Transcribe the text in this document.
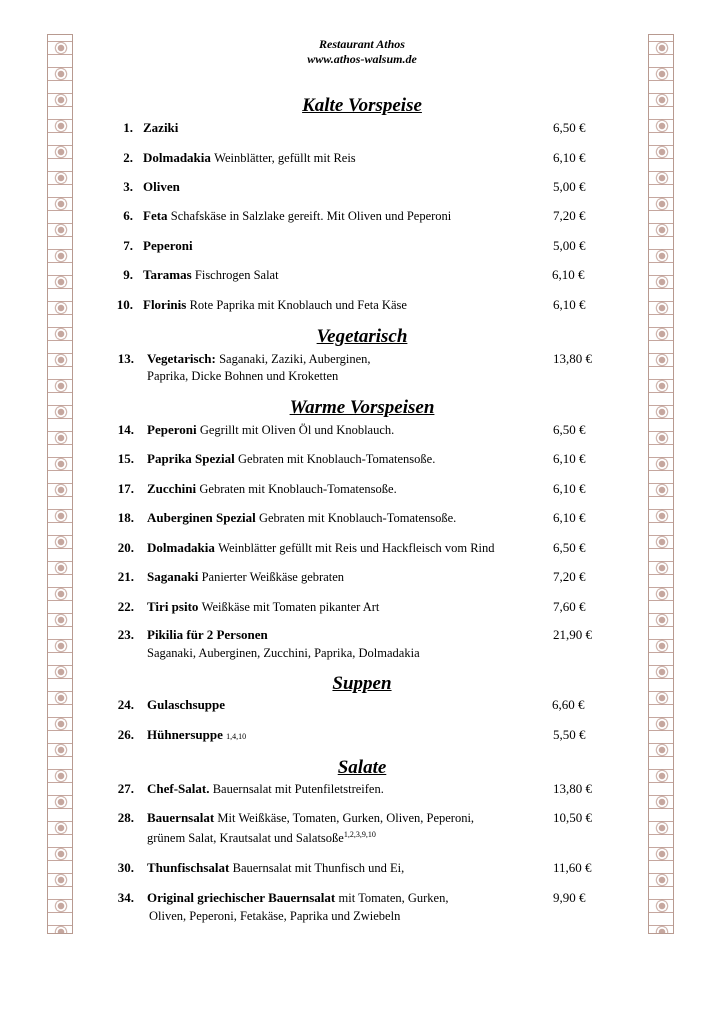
Restaurant Athos
www.athos-walsum.de
Kalte Vorspeise
1. Zaziki	6,50 €
2. Dolmadakia Weinblätter, gefüllt mit Reis	6,10 €
3. Oliven	5,00 €
6. Feta Schafskäse in Salzlake gereift. Mit Oliven und Peperoni	7,20 €
7. Peperoni	5,00 €
9. Taramas Fischrogen Salat	6,10 €
10. Florinis Rote Paprika mit Knoblauch und Feta Käse	6,10 €
Vegetarisch
13. Vegetarisch: Saganaki, Zaziki, Auberginen,	13,80 €
Paprika, Dicke Bohnen und Kroketten
Warme Vorspeisen
14. Peperoni Gegrillt mit Oliven Öl und Knoblauch.	6,50 €
15. Paprika Spezial Gebraten mit Knoblauch-Tomatensoße.	6,10 €
17. Zucchini Gebraten mit Knoblauch-Tomatensoße.	6,10 €
18. Auberginen Spezial Gebraten mit Knoblauch-Tomatensoße.	6,10 €
20. Dolmadakia Weinblätter gefüllt mit Reis und Hackfleisch vom Rind	6,50 €
21. Saganaki Panierter Weißkäse gebraten	7,20 €
22. Tiri psito Weißkäse mit Tomaten pikanter Art	7,60 €
23. Pikilia für 2 Personen	21,90 €
Saganaki, Auberginen, Zucchini, Paprika, Dolmadakia
Suppen
24. Gulaschsuppe	6,60 €
26. Hühnersuppe 1,4,10	5,50 €
Salate
27. Chef-Salat. Bauernsalat mit Putenfiletstreifen.	13,80 €
28. Bauernsalat Mit Weißkäse, Tomaten, Gurken, Oliven, Peperoni,	10,50 €
grünem Salat, Krautsalat und Salatsoße$^{1,2,3,9,10}$
30. Thunfischsalat Bauernsalat mit Thunfisch und Ei,	11,60 €
34. Original griechischer Bauernsalat mit Tomaten, Gurken,	9,90 €
Oliven, Peperoni, Fetakäse, Paprika und Zwiebeln
